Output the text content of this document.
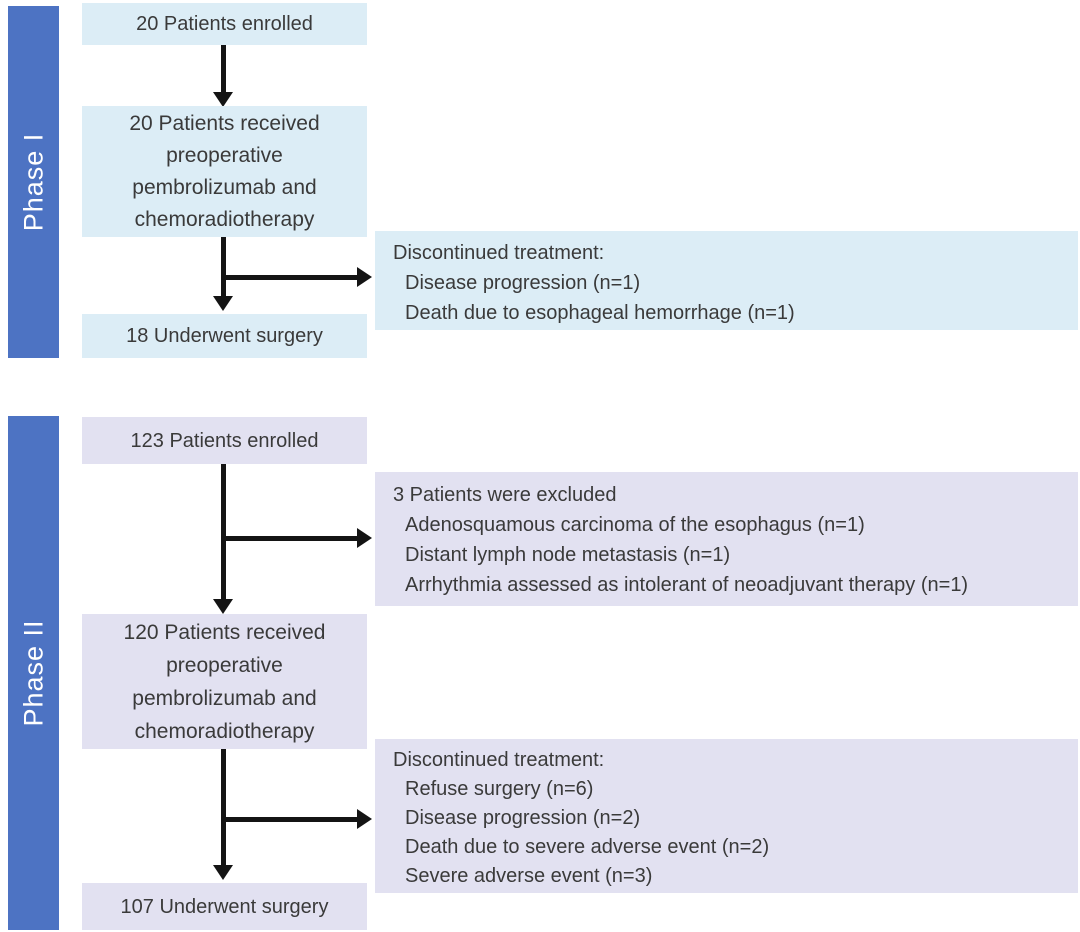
Phase I
20 Patients enrolled
20 Patients received
preoperative
pembrolizumab and
chemoradiotherapy
Discontinued treatment:
Disease progression (n=1)
Death due to esophageal hemorrhage (n=1)
18 Underwent surgery
Phase II
123 Patients enrolled
3 Patients were excluded
Adenosquamous carcinoma of the esophagus (n=1)
Distant lymph node metastasis (n=1)
Arrhythmia assessed as intolerant of neoadjuvant therapy (n=1)
120 Patients received
preoperative
pembrolizumab and
chemoradiotherapy
Discontinued treatment:
Refuse surgery (n=6)
Disease progression (n=2)
Death due to severe adverse event (n=2)
Severe adverse event (n=3)
107 Underwent surgery
